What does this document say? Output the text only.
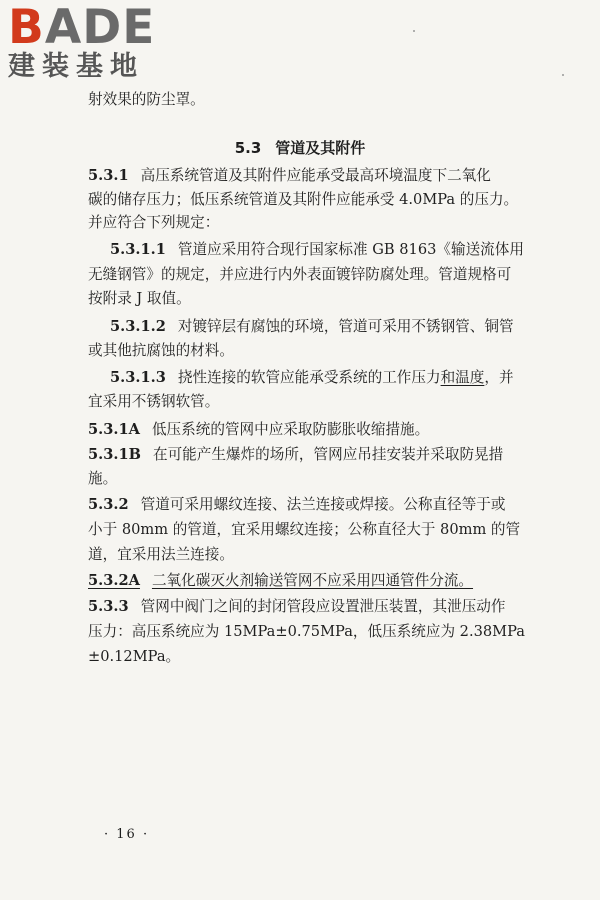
BADE
建装基地
射效果的防尘罩。
5.3 管道及其附件
5.3.1 高压系统管道及其附件应能承受最高环境温度下二氧化
碳的储存压力；低压系统管道及其附件应能承受 4.0MPa 的压力。
并应符合下列规定：
5.3.1.1 管道应采用符合现行国家标准 GB 8163《输送流体用
无缝钢管》的规定，并应进行内外表面镀锌防腐处理。管道规格可
按附录 J 取值。
5.3.1.2 对镀锌层有腐蚀的环境，管道可采用不锈钢管、铜管
或其他抗腐蚀的材料。
5.3.1.3 挠性连接的软管应能承受系统的工作压力和温度，并
宜采用不锈钢软管。
5.3.1A 低压系统的管网中应采取防膨胀收缩措施。
5.3.1B 在可能产生爆炸的场所，管网应吊挂安装并采取防晃措
施。
5.3.2 管道可采用螺纹连接、法兰连接或焊接。公称直径等于或
小于 80mm 的管道，宜采用螺纹连接；公称直径大于 80mm 的管
道，宜采用法兰连接。
5.3.2A 二氧化碳灭火剂输送管网不应采用四通管件分流。
5.3.3 管网中阀门之间的封闭管段应设置泄压装置，其泄压动作
压力：高压系统应为 15MPa±0.75MPa，低压系统应为 2.38MPa
±0.12MPa。
· 16 ·
